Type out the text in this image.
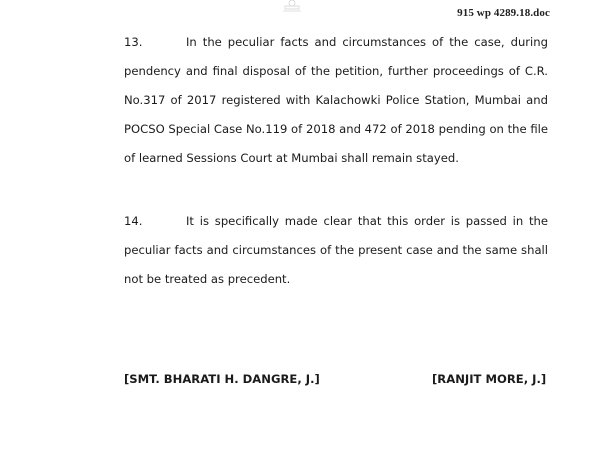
915 wp 4289.18.doc
13.	In the peculiar facts and circumstances of the case, during
pendency and final disposal of the petition, further proceedings of C.R.
No.317 of 2017 registered with Kalachowki Police Station, Mumbai and
POCSO Special Case No.119 of 2018 and 472 of 2018 pending on the file
of learned Sessions Court at Mumbai shall remain stayed.
14.	It is specifically made clear that this order is passed in the
peculiar facts and circumstances of the present case and the same shall
not be treated as precedent.
[SMT. BHARATI H. DANGRE, J.]	[RANJIT MORE, J.]
